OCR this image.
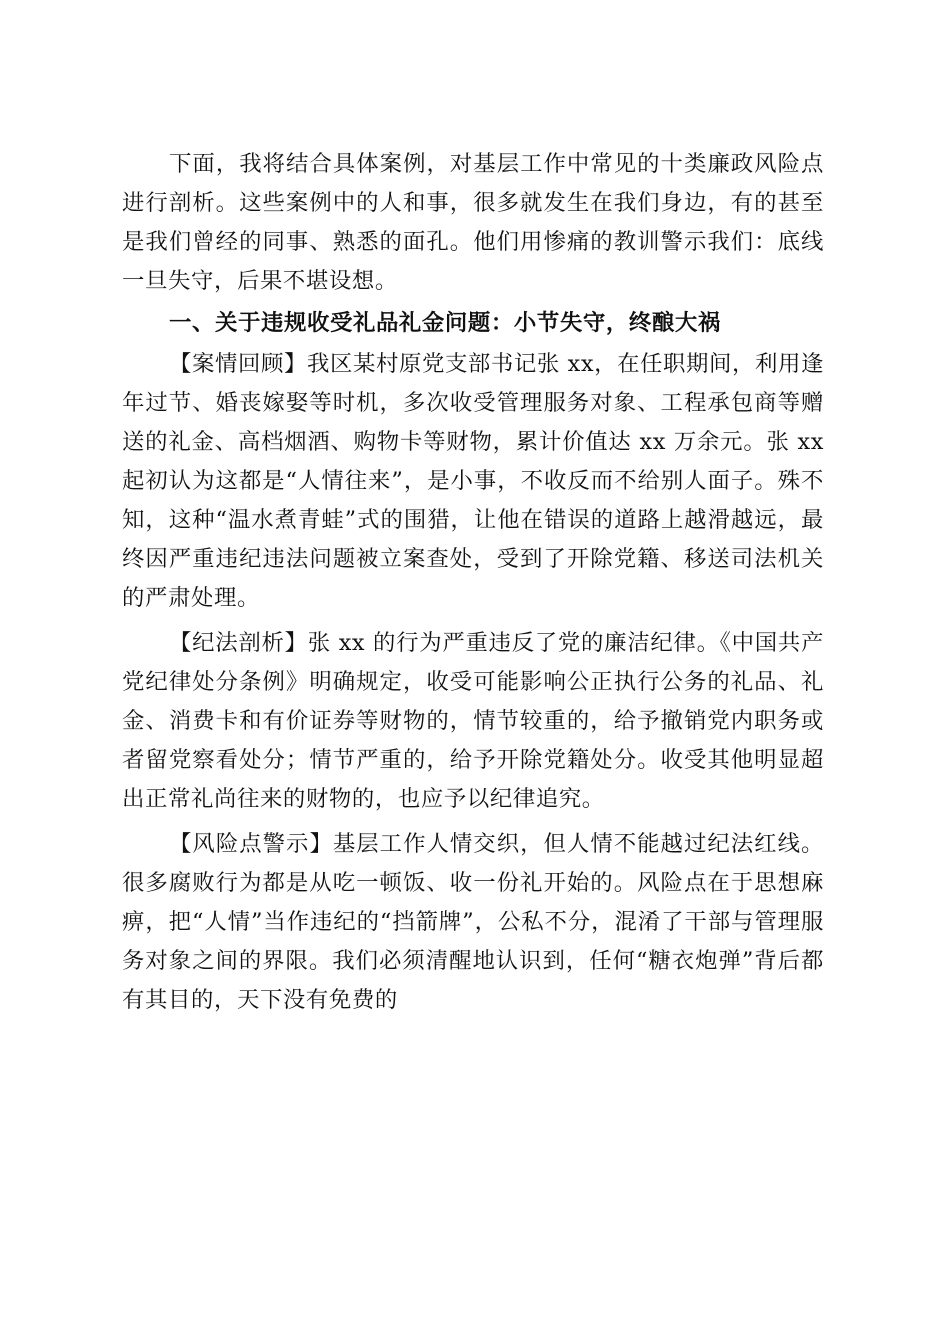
下面，我将结合具体案例，对基层工作中常见的十类廉政风险点进行剖析。这些案例中的人和事，很多就发生在我们身边，有的甚至是我们曾经的同事、熟悉的面孔。他们用惨痛的教训警示我们：底线一旦失守，后果不堪设想。

一、关于违规收受礼品礼金问题：小节失守，终酿大祸

【案情回顾】我区某村原党支部书记张 xx，在任职期间，利用逢年过节、婚丧嫁娶等时机，多次收受管理服务对象、工程承包商等赠送的礼金、高档烟酒、购物卡等财物，累计价值达 xx 万余元。张 xx 起初认为这都是“人情往来”，是小事，不收反而不给别人面子。殊不知，这种“温水煮青蛙”式的围猎，让他在错误的道路上越滑越远，最终因严重违纪违法问题被立案查处，受到了开除党籍、移送司法机关的严肃处理。

【纪法剖析】张 xx 的行为严重违反了党的廉洁纪律。《中国共产党纪律处分条例》明确规定，收受可能影响公正执行公务的礼品、礼金、消费卡和有价证券等财物的，情节较重的，给予撤销党内职务或者留党察看处分；情节严重的，给予开除党籍处分。收受其他明显超出正常礼尚往来的财物的，也应予以纪律追究。

【风险点警示】基层工作人情交织，但人情不能越过纪法红线。很多腐败行为都是从吃一顿饭、收一份礼开始的。风险点在于思想麻痹，把“人情”当作违纪的“挡箭牌”，公私不分，混淆了干部与管理服务对象之间的界限。我们必须清醒地认识到，任何“糖衣炮弹”背后都有其目的，天下没有免费的
